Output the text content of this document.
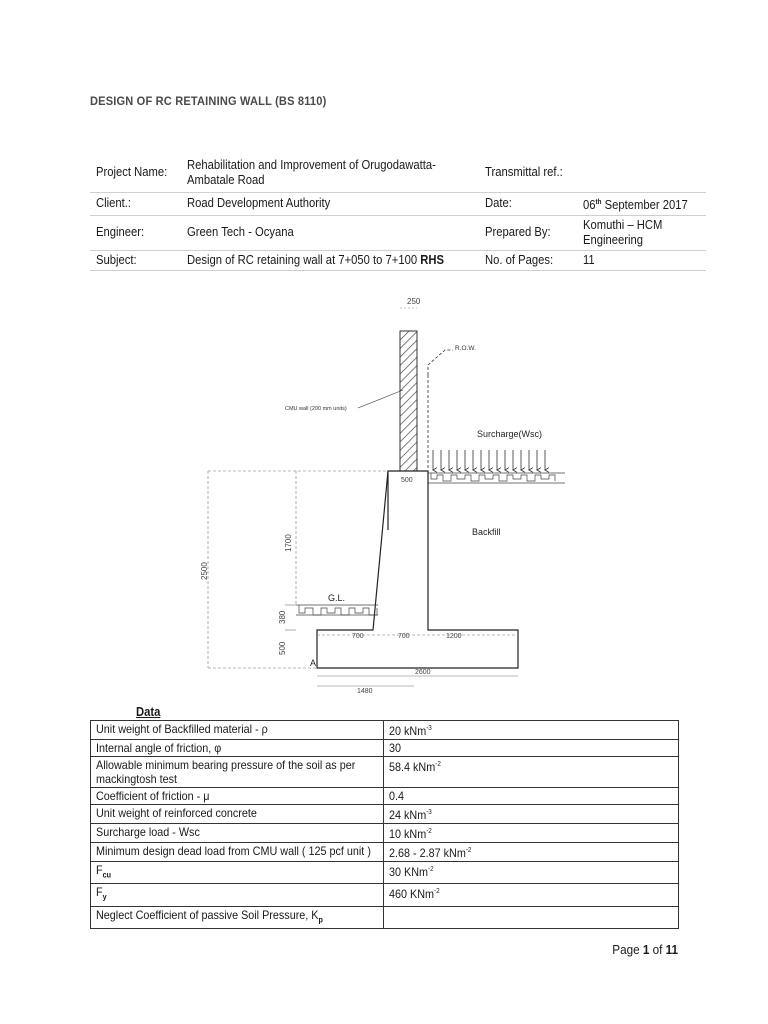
DESIGN OF RC RETAINING WALL (BS 8110)
Project Name:	Rehabilitation and Improvement of Orugodawatta-Ambatale Road	Transmittal ref.:	
Client.:	Road Development Authority	Date:	06th September 2017
Engineer:	Green Tech - Ocyana	Prepared By:	Komuthi – HCM Engineering
Subject:	Design of RC retaining wall at 7+050 to 7+100 RHS	No. of Pages:	11
250
R.O.W.
CMU wall (200 mm units)
Surcharge(Wsc)
500
Backfill
2500
1700
380
500
G.L.
700	700	1200
A
2600
1480
Data
Unit weight of Backfilled material - ρ	20 kNm$^{-3}$
Internal angle of friction, φ	30
Allowable minimum bearing pressure of the soil as per mackingtosh test	58.4 kNm$^{-2}$
Coefficient of friction - μ	0.4
Unit weight of reinforced concrete	24 kNm$^{-3}$
Surcharge load - Wsc	10 kNm$^{-2}$
Minimum design dead load from CMU wall ( 125 pcf unit )	2.68 - 2.87 kNm$^{-2}$
$F_{cu}$	30 KNm$^{-2}$
$F_y$	460 KNm$^{-2}$
Neglect Coefficient of passive Soil Pressure, $K_p$	
Page 1 of 11
